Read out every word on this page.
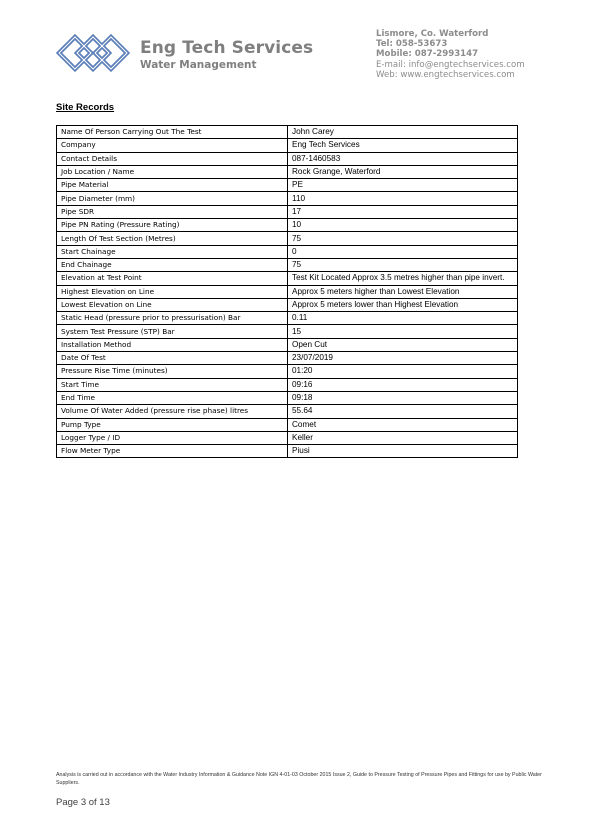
Eng Tech Services
Water Management
Lismore, Co. Waterford
Tel: 058-53673
Mobile: 087-2993147
E-mail: info@engtechservices.com
Web: www.engtechservices.com
Site Records
Name Of Person Carrying Out The Test	John Carey
Company	Eng Tech Services
Contact Details	087-1460583
Job Location / Name	Rock Grange, Waterford
Pipe Material	PE
Pipe Diameter (mm)	110
Pipe SDR	17
Pipe PN Rating (Pressure Rating)	10
Length Of Test Section (Metres)	75
Start Chainage	0
End Chainage	75
Elevation at Test Point	Test Kit Located Approx 3.5 metres higher than pipe invert.
Highest Elevation on Line	Approx 5 meters higher than Lowest Elevation
Lowest Elevation on Line	Approx 5 meters lower than Highest Elevation
Static Head (pressure prior to pressurisation) Bar	0.11
System Test Pressure (STP) Bar	15
Installation Method	Open Cut
Date Of Test	23/07/2019
Pressure Rise Time (minutes)	01:20
Start Time	09:16
End Time	09:18
Volume Of Water Added (pressure rise phase) litres	55.64
Pump Type	Comet
Logger Type / ID	Keller
Flow Meter Type	Piusi
Analysis is carried out in accordance with the Water Industry Information & Guidance Note IGN 4-01-03 October 2015 Issue 2, Guide to Pressure Testing of Pressure Pipes and Fittings for use by Public Water Suppliers.
Page 3 of 13
